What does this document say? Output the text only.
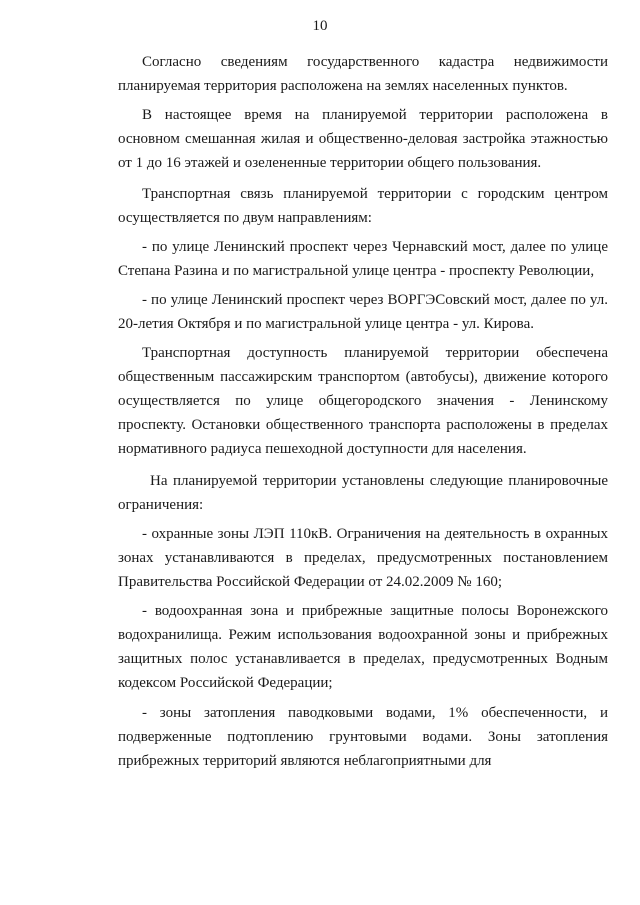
10
Согласно сведениям государственного кадастра недвижимости планируемая территория расположена на землях населенных пунктов.
В настоящее время на планируемой территории расположена в основном смешанная жилая и общественно-деловая застройка этажностью от 1 до 16 этажей и озелененные территории общего пользования.
Транспортная связь планируемой территории с городским центром осуществляется по двум направлениям:
- по улице Ленинский проспект через Чернавский мост, далее по улице Степана Разина и по магистральной улице центра - проспекту Революции,
- по улице Ленинский проспект через ВОРГЭСовский мост, далее по ул. 20-летия Октября и по магистральной улице центра - ул. Кирова.
Транспортная доступность планируемой территории обеспечена общественным пассажирским транспортом (автобусы), движение которого осуществляется по улице общегородского значения - Ленинскому проспекту. Остановки общественного транспорта расположены в пределах нормативного радиуса пешеходной доступности для населения.
На планируемой территории установлены следующие планировочные ограничения:
- охранные зоны ЛЭП 110кВ. Ограничения на деятельность в охранных зонах устанавливаются в пределах, предусмотренных постановлением Правительства Российской Федерации от 24.02.2009 № 160;
- водоохранная зона и прибрежные защитные полосы Воронежского водохранилища. Режим использования водоохранной зоны и прибрежных защитных полос устанавливается в пределах, предусмотренных Водным кодексом Российской Федерации;
- зоны затопления паводковыми водами, 1% обеспеченности, и подверженные подтоплению грунтовыми водами. Зоны затопления прибрежных территорий являются неблагоприятными для
